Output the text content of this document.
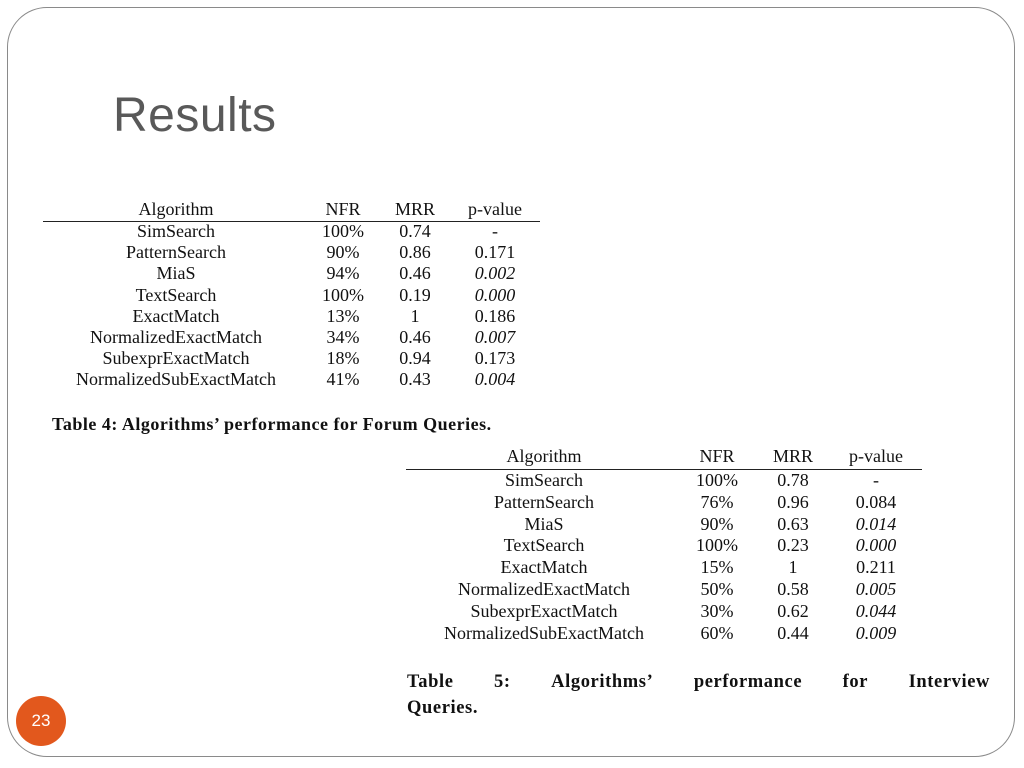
Results
Algorithm	NFR MRR p-value
SimSearch	100% 0.74	-
PatternSearch	90% 0.86 0.171
MiaS	94% 0.46 0.002
TextSearch	100% 0.19 0.000
ExactMatch	13%	1	0.186
NormalizedExactMatch	34% 0.46 0.007
SubexprExactMatch	18% 0.94 0.173
NormalizedSubExactMatch	41% 0.43 0.004
Table 4: Algorithms’ performance for Forum Queries.
Algorithm	NFR MRR p-value
SimSearch	100% 0.78	-
PatternSearch	76% 0.96	0.084
MiaS	90% 0.63	0.014
TextSearch	100% 0.23	0.000
ExactMatch	15%	1	0.211
NormalizedExactMatch	50% 0.58	0.005
SubexprExactMatch	30% 0.62	0.044
NormalizedSubExactMatch	60% 0.44	0.009
Table 5: Algorithms’ performance for Interview
Queries.
23
